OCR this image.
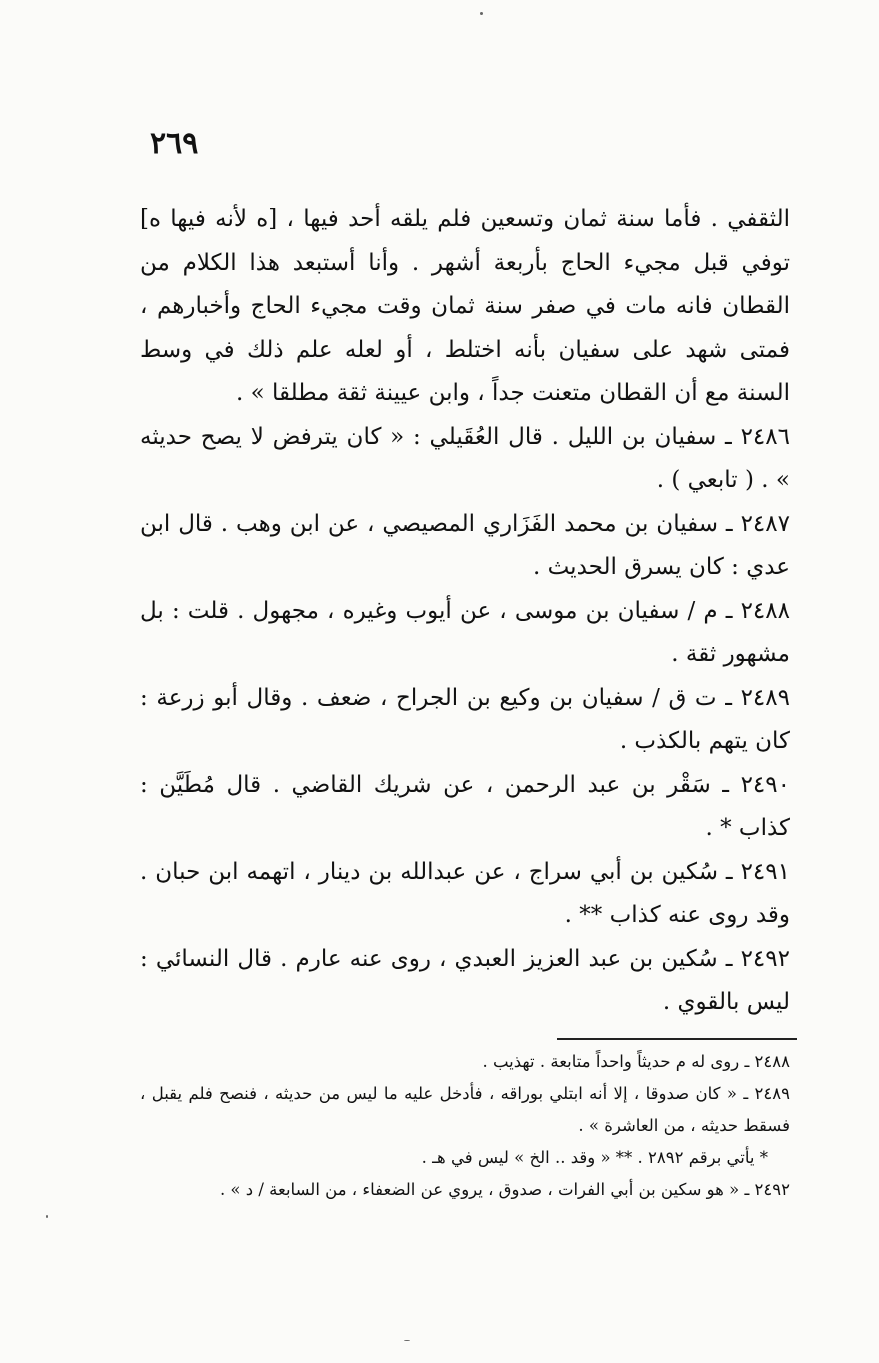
٢٦٩

الثقفي . فأما سنة ثمان وتسعين فلم يلقه أحد فيها ، [ه لأنه فيها ه] توفي قبل مجيء الحاج بأربعة أشهر . وأنا أستبعد هذا الكلام من القطان فانه مات في صفر سنة ثمان وقت مجيء الحاج وأخبارهم ، فمتى شهد على سفيان بأنه اختلط ، أو لعله علم ذلك في وسط السنة مع أن القطان متعنت جداً ، وابن عيينة ثقة مطلقا » .

٢٤٨٦ ـ سفيان بن الليل . قال العُقَيلي : « كان يترفض لا يصح حديثه » . ( تابعي ) .

٢٤٨٧ ـ سفيان بن محمد الفَزَاري المصيصي ، عن ابن وهب . قال ابن عدي : كان يسرق الحديث .

٢٤٨٨ ـ م / سفيان بن موسى ، عن أيوب وغيره ، مجهول . قلت : بل مشهور ثقة .

٢٤٨٩ ـ ت ق / سفيان بن وكيع بن الجراح ، ضعف . وقال أبو زرعة : كان يتهم بالكذب .

٢٤٩٠ ـ سَقْر بن عبد الرحمن ، عن شريك القاضي . قال مُطَيَّن : كذاب * .

٢٤٩١ ـ سُكين بن أبي سراج ، عن عبدالله بن دينار ، اتهمه ابن حبان . وقد روى عنه كذاب ** .

٢٤٩٢ ـ سُكين بن عبد العزيز العبدي ، روى عنه عارم . قال النسائي : ليس بالقوي .

٢٤٨٨ ـ روى له م حديثاً واحداً متابعة . تهذيب .

٢٤٨٩ ـ « كان صدوقا ، إلا أنه ابتلي بوراقه ، فأدخل عليه ما ليس من حديثه ، فنصح فلم يقبل ، فسقط حديثه ، من العاشرة » .

* يأتي برقم ٢٨٩٢ . ** « وقد .. الخ » ليس في هـ .

٢٤٩٢ ـ « هو سكين بن أبي الفرات ، صدوق ، يروي عن الضعفاء ، من السابعة / د » .
